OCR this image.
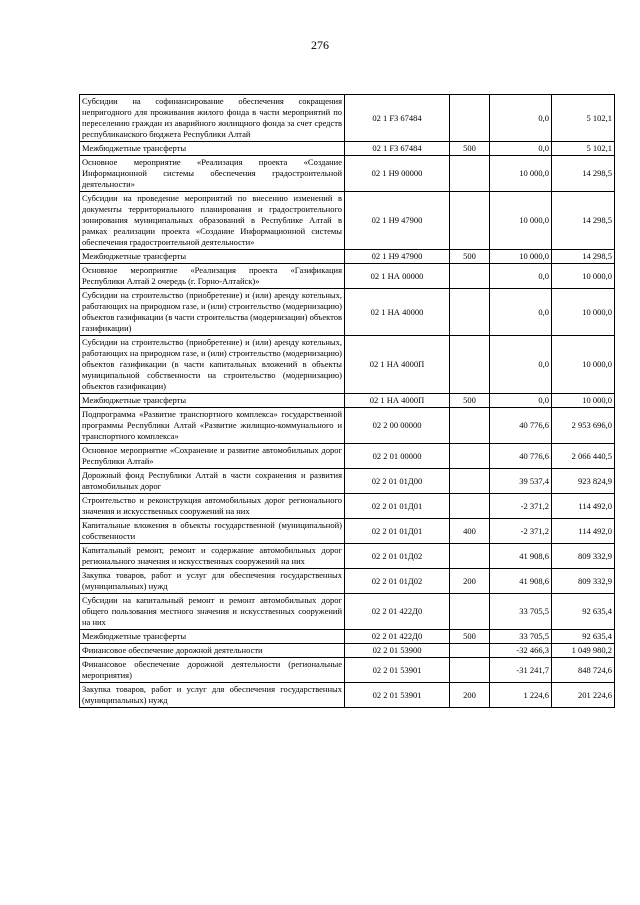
276
Субсидии на софинансирование обеспечения сокращения непригодного для проживания жилого фонда в части мероприятий по переселению граждан из аварийного жилищного фонда за счет средств республиканского бюджета Республики Алтай	02 1 F3 67484		0,0	5 102,1
Межбюджетные трансферты	02 1 F3 67484	500	0,0	5 102,1
Основное мероприятие «Реализация проекта «Создание Информационной системы обеспечения градостроительной деятельности»	02 1 Н9 00000		10 000,0	14 298,5
Субсидии на проведение мероприятий по внесению изменений в документы территориального планирования и градостроительного зонирования муниципальных образований в Республике Алтай в рамках реализации проекта «Создание Информационной системы обеспечения градостроительной деятельности»	02 1 Н9 47900		10 000,0	14 298,5
Межбюджетные трансферты	02 1 Н9 47900	500	10 000,0	14 298,5
Основное мероприятие «Реализация проекта «Газификация Республики Алтай 2 очередь (г. Горно-Алтайск)»	02 1 НА 00000		0,0	10 000,0
Субсидии на строительство (приобретение) и (или) аренду котельных, работающих на природном газе, и (или) строительство (модернизацию) объектов газификации (в части строительства (модернизации) объектов газификации)	02 1 НА 40000		0,0	10 000,0
Субсидии на строительство (приобретение) и (или) аренду котельных, работающих на природном газе, и (или) строительство (модернизацию) объектов газификации (в части капитальных вложений в объекты муниципальной собственности на строительство (модернизацию) объектов газификации)	02 1 НА 4000П		0,0	10 000,0
Межбюджетные трансферты	02 1 НА 4000П	500	0,0	10 000,0
Подпрограмма «Развитие транспортного комплекса» государственной программы Республики Алтай «Развитие жилищно-коммунального и транспортного комплекса»	02 2 00 00000		40 776,6	2 953 696,0
Основное мероприятие «Сохранение и развитие автомобильных дорог Республики Алтай»	02 2 01 00000		40 776,6	2 066 440,5
Дорожный фонд Республики Алтай в части сохранения и развития автомобильных дорог	02 2 01 01Д00		39 537,4	923 824,9
Строительство и реконструкция автомобильных дорог регионального значения и искусственных сооружений на них	02 2 01 01Д01		-2 371,2	114 492,0
Капитальные вложения в объекты государственной (муниципальной) собственности	02 2 01 01Д01	400	-2 371,2	114 492,0
Капитальный ремонт, ремонт и содержание автомобильных дорог регионального значения и искусственных сооружений на них	02 2 01 01Д02		41 908,6	809 332,9
Закупка товаров, работ и услуг для обеспечения государственных (муниципальных) нужд	02 2 01 01Д02	200	41 908,6	809 332,9
Субсидии на капитальный ремонт и ремонт автомобильных дорог общего пользования местного значения и искусственных сооружений на них	02 2 01 422Д0		33 705,5	92 635,4
Межбюджетные трансферты	02 2 01 422Д0	500	33 705,5	92 635,4
Финансовое обеспечение дорожной деятельности	02 2 01 53900		-32 466,3	1 049 980,2
Финансовое обеспечение дорожной деятельности (региональные мероприятия)	02 2 01 53901		-31 241,7	848 724,6
Закупка товаров, работ и услуг для обеспечения государственных (муниципальных) нужд	02 2 01 53901	200	1 224,6	201 224,6
